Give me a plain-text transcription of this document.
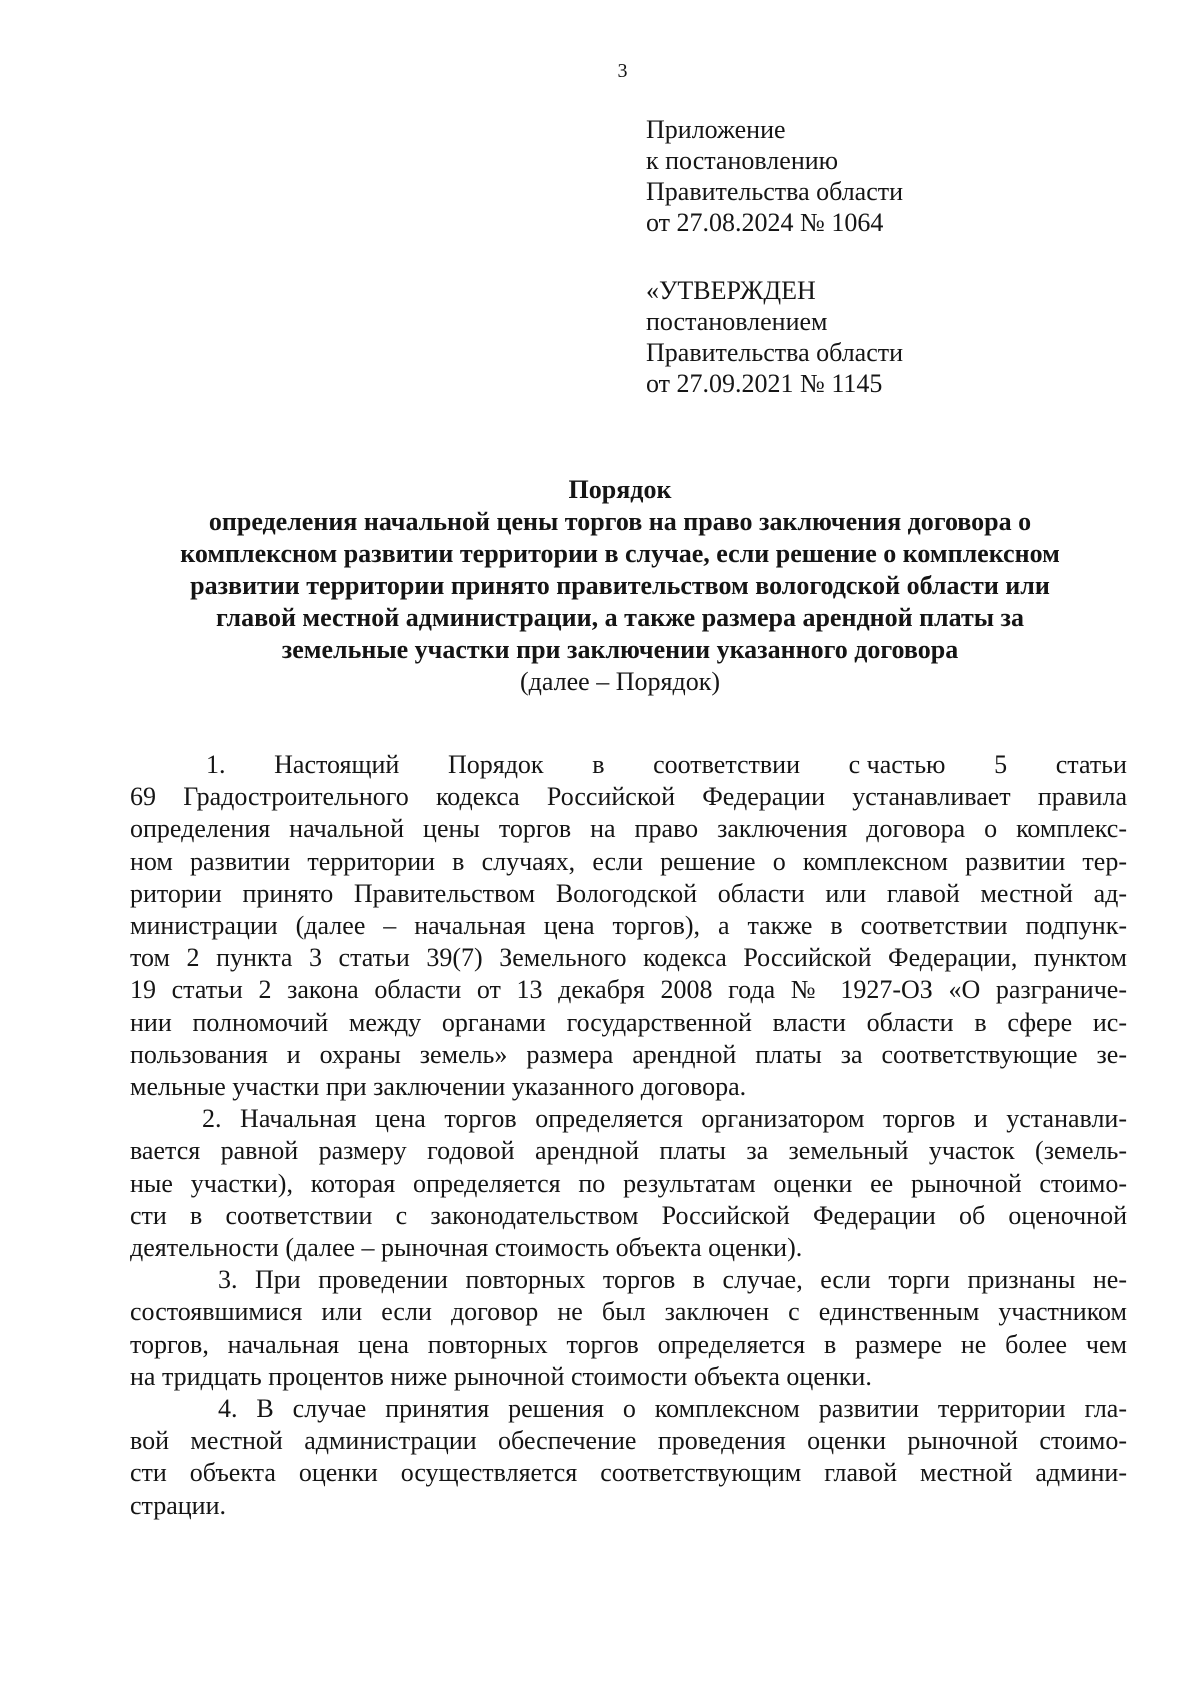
3
Приложение
к постановлению
Правительства области
от 27.08.2024 № 1064
«УТВЕРЖДЕН
постановлением
Правительства области
от 27.09.2021 № 1145
Порядок
определения начальной цены торгов на право заключения договора о
комплексном развитии территории в случае, если решение о комплексном
развитии территории принято правительством вологодской области или
главой местной администрации, а также размера арендной платы за
земельные участки при заключении указанного договора
(далее – Порядок)
1. Настоящий Порядок в соответствии с частью 5 статьи
69 Градостроительного кодекса Российской Федерации устанавливает правила
определения начальной цены торгов на право заключения договора о комплекс-
ном развитии территории в случаях, если решение о комплексном развитии тер-
ритории принято Правительством Вологодской области или главой местной ад-
министрации (далее – начальная цена торгов), а также в соответствии подпунк-
том 2 пункта 3 статьи 39(7) Земельного кодекса Российской Федерации, пунктом
19 статьи 2 закона области от 13 декабря 2008 года № 1927-ОЗ «О разграниче-
нии полномочий между органами государственной власти области в сфере ис-
пользования и охраны земель» размера арендной платы за соответствующие зе-
мельные участки при заключении указанного договора.
2. Начальная цена торгов определяется организатором торгов и устанавли-
вается равной размеру годовой арендной платы за земельный участок (земель-
ные участки), которая определяется по результатам оценки ее рыночной стоимо-
сти в соответствии с законодательством Российской Федерации об оценочной
деятельности (далее – рыночная стоимость объекта оценки).
3. При проведении повторных торгов в случае, если торги признаны не-
состоявшимися или если договор не был заключен с единственным участником
торгов, начальная цена повторных торгов определяется в размере не более чем
на тридцать процентов ниже рыночной стоимости объекта оценки.
4. В случае принятия решения о комплексном развитии территории гла-
вой местной администрации обеспечение проведения оценки рыночной стоимо-
сти объекта оценки осуществляется соответствующим главой местной админи-
страции.
